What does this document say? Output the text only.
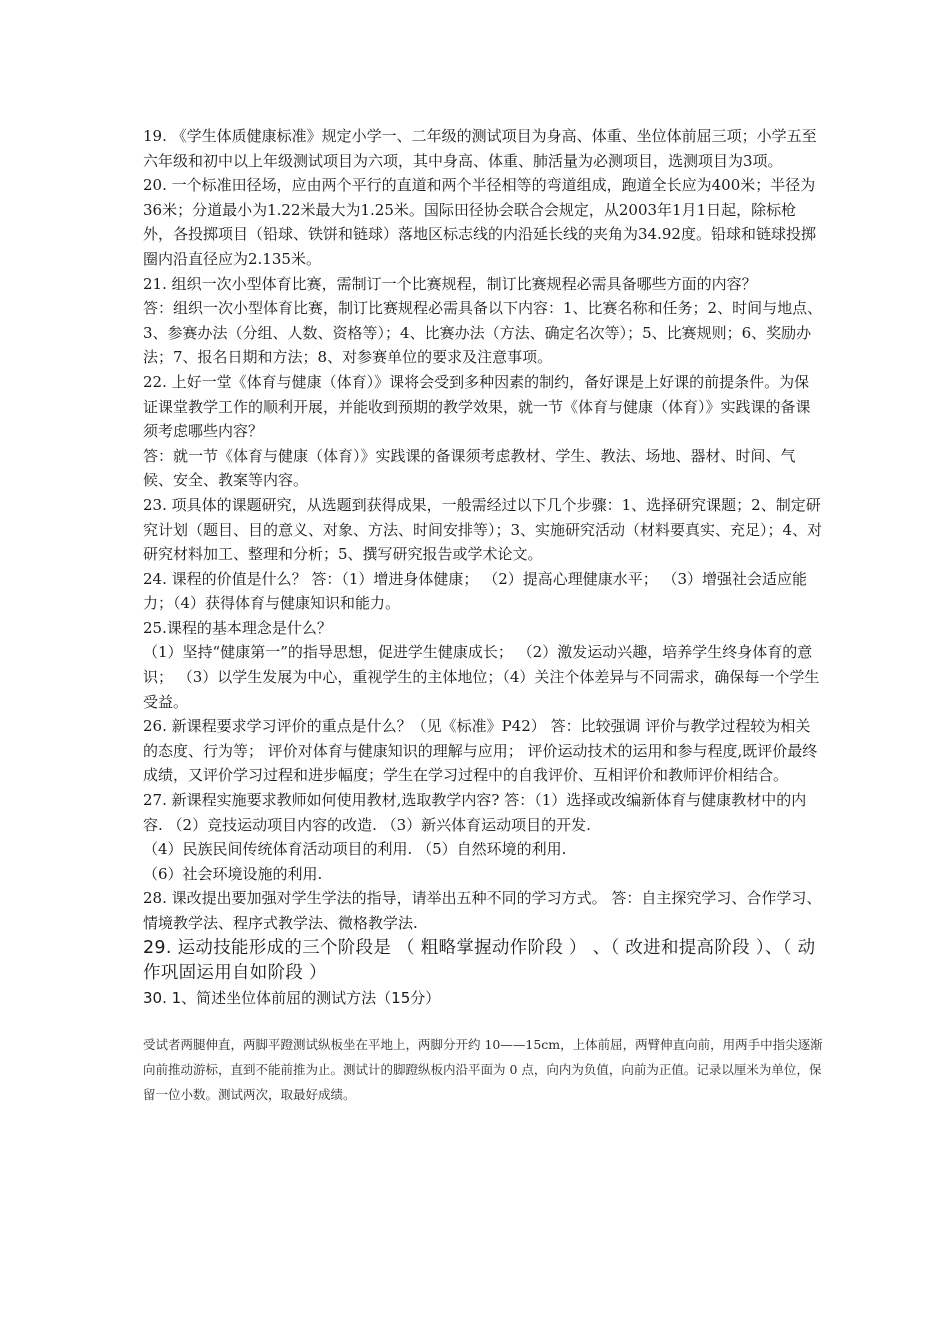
19. 《学生体质健康标准》规定小学一、二年级的测试项目为身高、体重、坐位体前屈三项；小学五至六年级和初中以上年级测试项目为六项，其中身高、体重、肺活量为必测项目，选测项目为3项。

20. 一个标准田径场，应由两个平行的直道和两个半径相等的弯道组成，跑道全长应为400米；半径为36米；分道最小为1.22米最大为1.25米。国际田径协会联合会规定，从2003年1月1日起，除标枪外，各投掷项目（铅球、铁饼和链球）落地区标志线的内沿延长线的夹角为34.92度。铅球和链球投掷圈内沿直径应为2.135米。

21. 组织一次小型体育比赛，需制订一个比赛规程，制订比赛规程必需具备哪些方面的内容？

答：组织一次小型体育比赛，制订比赛规程必需具备以下内容：1、比赛名称和任务；2、时间与地点、3、参赛办法（分组、人数、资格等）；4、比赛办法（方法、确定名次等）；5、比赛规则；6、奖励办法；7、报名日期和方法；8、对参赛单位的要求及注意事项。

22. 上好一堂《体育与健康（体育）》课将会受到多种因素的制约，备好课是上好课的前提条件。为保证课堂教学工作的顺利开展，并能收到预期的教学效果，就一节《体育与健康（体育）》实践课的备课须考虑哪些内容？

答：就一节《体育与健康（体育）》实践课的备课须考虑教材、学生、教法、场地、器材、时间、气候、安全、教案等内容。

23. 项具体的课题研究，从选题到获得成果，一般需经过以下几个步骤：1、选择研究课题；2、制定研究计划（题目、目的意义、对象、方法、时间安排等）；3、实施研究活动（材料要真实、充足）；4、对研究材料加工、整理和分析；5、撰写研究报告或学术论文。

24. 课程的价值是什么？ 答：（1）增进身体健康； （2）提高心理健康水平； （3）增强社会适应能力；（4）获得体育与健康知识和能力。

25.课程的基本理念是什么？

（1）坚持“健康第一”的指导思想，促进学生健康成长； （2）激发运动兴趣，培养学生终身体育的意识； （3）以学生发展为中心，重视学生的主体地位；（4）关注个体差异与不同需求，确保每一个学生受益。

26. 新课程要求学习评价的重点是什么？（见《标准》P42） 答：比较强调 评价与教学过程较为相关的态度、行为等； 评价对体育与健康知识的理解与应用； 评价运动技术的运用和参与程度,既评价最终成绩，又评价学习过程和进步幅度；学生在学习过程中的自我评价、互相评价和教师评价相结合。

27. 新课程实施要求教师如何使用教材,选取教学内容? 答：（1）选择或改编新体育与健康教材中的内容. （2）竞技运动项目内容的改造. （3）新兴体育运动项目的开发.

（4）民族民间传统体育活动项目的利用. （5）自然环境的利用.

（6）社会环境设施的利用.

28. 课改提出要加强对学生学法的指导，请举出五种不同的学习方式。 答：自主探究学习、合作学习、情境教学法、程序式教学法、微格教学法.

29. 运动技能形成的三个阶段是 （ 粗略掌握动作阶段 ） 、（ 改进和提高阶段 ）、（ 动作巩固运用自如阶段 ）

30. 1、简述坐位体前屈的测试方法（15分）

受试者两腿伸直，两脚平蹬测试纵板坐在平地上，两脚分开约 10——15cm，上体前屈，两臂伸直向前，用两手中指尖逐渐向前推动游标，直到不能前推为止。测试计的脚蹬纵板内沿平面为 0 点，向内为负值，向前为正值。记录以厘米为单位，保留一位小数。测试两次，取最好成绩。
